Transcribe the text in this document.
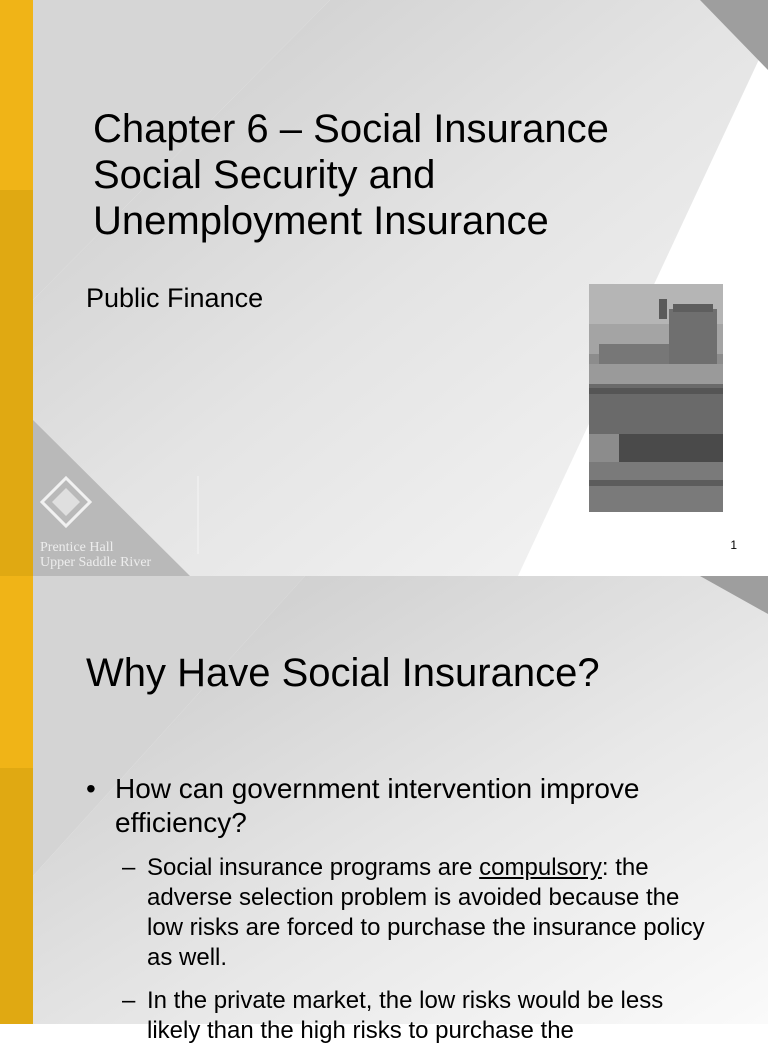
Chapter 6 – Social Insurance
Social Security and
Unemployment Insurance
Public Finance
Prentice Hall
Upper Saddle River
1
Why Have Social Insurance?
• How can government intervention improve efficiency?
– Social insurance programs are compulsory: the adverse selection problem is avoided because the low risks are forced to purchase the insurance policy as well.
– In the private market, the low risks would be less likely than the high risks to purchase the
